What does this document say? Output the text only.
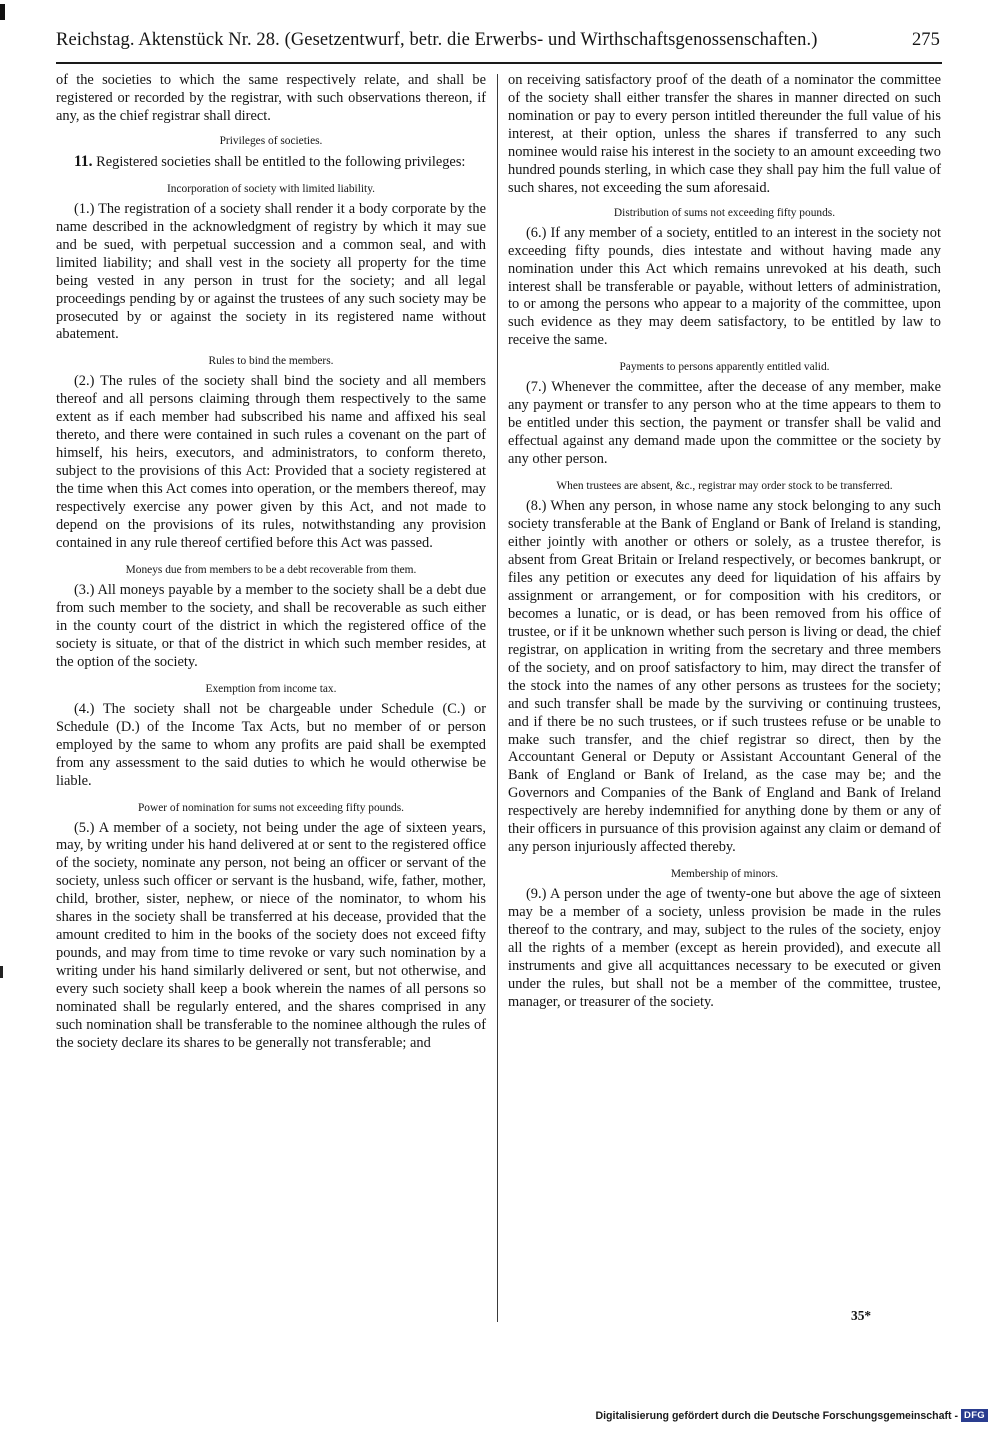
Reichstag. Aktenstück Nr. 28. (Gesetzentwurf, betr. die Erwerbs- und Wirthschaftsgenossenschaften.)	275

of the societies to which the same respectively relate, and shall be registered or recorded by the registrar, with such observations thereon, if any, as the chief registrar shall direct.

Privileges of societies.

11. Registered societies shall be entitled to the following privileges:

Incorporation of society with limited liability.

(1.) The registration of a society shall render it a body corporate by the name described in the acknowledgment of registry by which it may sue and be sued, with perpetual succession and a common seal, and with limited liability; and shall vest in the society all property for the time being vested in any person in trust for the society; and all legal proceedings pending by or against the trustees of any such society may be prosecuted by or against the society in its registered name without abatement.

Rules to bind the members.

(2.) The rules of the society shall bind the society and all members thereof and all persons claiming through them respectively to the same extent as if each member had subscribed his name and affixed his seal thereto, and there were contained in such rules a covenant on the part of himself, his heirs, executors, and administrators, to conform thereto, subject to the provisions of this Act: Provided that a society registered at the time when this Act comes into operation, or the members thereof, may respectively exercise any power given by this Act, and not made to depend on the provisions of its rules, notwithstanding any provision contained in any rule thereof certified before this Act was passed.

Moneys due from members to be a debt recoverable from them.

(3.) All moneys payable by a member to the society shall be a debt due from such member to the society, and shall be recoverable as such either in the county court of the district in which the registered office of the society is situate, or that of the district in which such member resides, at the option of the society.

Exemption from income tax.

(4.) The society shall not be chargeable under Schedule (C.) or Schedule (D.) of the Income Tax Acts, but no member of or person employed by the same to whom any profits are paid shall be exempted from any assessment to the said duties to which he would otherwise be liable.

Power of nomination for sums not exceeding fifty pounds.

(5.) A member of a society, not being under the age of sixteen years, may, by writing under his hand delivered at or sent to the registered office of the society, nominate any person, not being an officer or servant of the society, unless such officer or servant is the husband, wife, father, mother, child, brother, sister, nephew, or niece of the nominator, to whom his shares in the society shall be transferred at his decease, provided that the amount credited to him in the books of the society does not exceed fifty pounds, and may from time to time revoke or vary such nomination by a writing under his hand similarly delivered or sent, but not otherwise, and every such society shall keep a book wherein the names of all persons so nominated shall be regularly entered, and the shares comprised in any such nomination shall be transferable to the nominee although the rules of the society declare its shares to be generally not transferable; and

on receiving satisfactory proof of the death of a nominator the committee of the society shall either transfer the shares in manner directed on such nomination or pay to every person intitled thereunder the full value of his interest, at their option, unless the shares if transferred to any such nominee would raise his interest in the society to an amount exceeding two hundred pounds sterling, in which case they shall pay him the full value of such shares, not exceeding the sum aforesaid.

Distribution of sums not exceeding fifty pounds.

(6.) If any member of a society, entitled to an interest in the society not exceeding fifty pounds, dies intestate and without having made any nomination under this Act which remains unrevoked at his death, such interest shall be transferable or payable, without letters of administration, to or among the persons who appear to a majority of the committee, upon such evidence as they may deem satisfactory, to be entitled by law to receive the same.

Payments to persons apparently entitled valid.

(7.) Whenever the committee, after the decease of any member, make any payment or transfer to any person who at the time appears to them to be entitled under this section, the payment or transfer shall be valid and effectual against any demand made upon the committee or the society by any other person.

When trustees are absent, &c., registrar may order stock to be transferred.

(8.) When any person, in whose name any stock belonging to any such society transferable at the Bank of England or Bank of Ireland is standing, either jointly with another or others or solely, as a trustee therefor, is absent from Great Britain or Ireland respectively, or becomes bankrupt, or files any petition or executes any deed for liquidation of his affairs by assignment or arrangement, or for composition with his creditors, or becomes a lunatic, or is dead, or has been removed from his office of trustee, or if it be unknown whether such person is living or dead, the chief registrar, on application in writing from the secretary and three members of the society, and on proof satisfactory to him, may direct the transfer of the stock into the names of any other persons as trustees for the society; and such transfer shall be made by the surviving or continuing trustees, and if there be no such trustees, or if such trustees refuse or be unable to make such transfer, and the chief registrar so direct, then by the Accountant General or Deputy or Assistant Accountant General of the Bank of England or Bank of Ireland, as the case may be; and the Governors and Companies of the Bank of England and Bank of Ireland respectively are hereby indemnified for anything done by them or any of their officers in pursuance of this provision against any claim or demand of any person injuriously affected thereby.

Membership of minors.

(9.) A person under the age of twenty-one but above the age of sixteen may be a member of a society, unless provision be made in the rules thereof to the contrary, and may, subject to the rules of the society, enjoy all the rights of a member (except as herein provided), and execute all instruments and give all acquittances necessary to be executed or given under the rules, but shall not be a member of the committee, trustee, manager, or treasurer of the society.

35*
Digitalisierung gefördert durch die Deutsche Forschungsgemeinschaft - DFG
